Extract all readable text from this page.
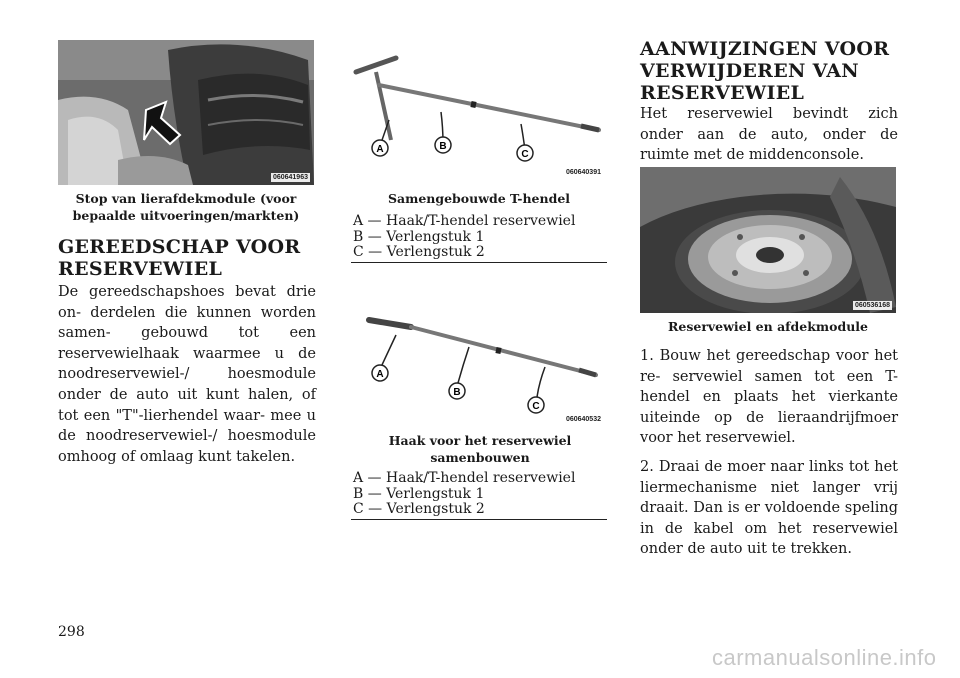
060641963
Stop van lierafdekmodule (voor bepaalde uitvoeringen/markten)
GEREEDSCHAP VOOR RESERVEWIEL

De gereedschapshoes bevat drie on- derdelen die kunnen worden samen- gebouwd tot een reservewielhaak waarmee u de noodreservewiel-/ hoesmodule onder de auto uit kunt halen, of tot een "T"-lierhendel waar- mee u de noodreservewiel-/ hoesmodule omhoog of omlaag kunt takelen.

A	B
C
060640391
Samengebouwde T-hendel
A — Haak/T-hendel reservewiel
B — Verlengstuk 1
C — Verlengstuk 2
A
B
C
060640532
Haak voor het reservewiel samenbouwen
A — Haak/T-hendel reservewiel
B — Verlengstuk 1
C — Verlengstuk 2
AANWIJZINGEN VOOR VERWIJDEREN VAN RESERVEWIEL

Het reservewiel bevindt zich onder aan de auto, onder de ruimte met de middenconsole.

060536168
Reservewiel en afdekmodule

1. Bouw het gereedschap voor het re- servewiel samen tot een T-hendel en plaats het vierkante uiteinde op de lieraandrijfmoer voor het reservewiel.

2. Draai de moer naar links tot het liermechanisme niet langer vrij draait. Dan is er voldoende speling in de kabel om het reservewiel onder de auto uit te trekken.

298
carmanualsonline.info
